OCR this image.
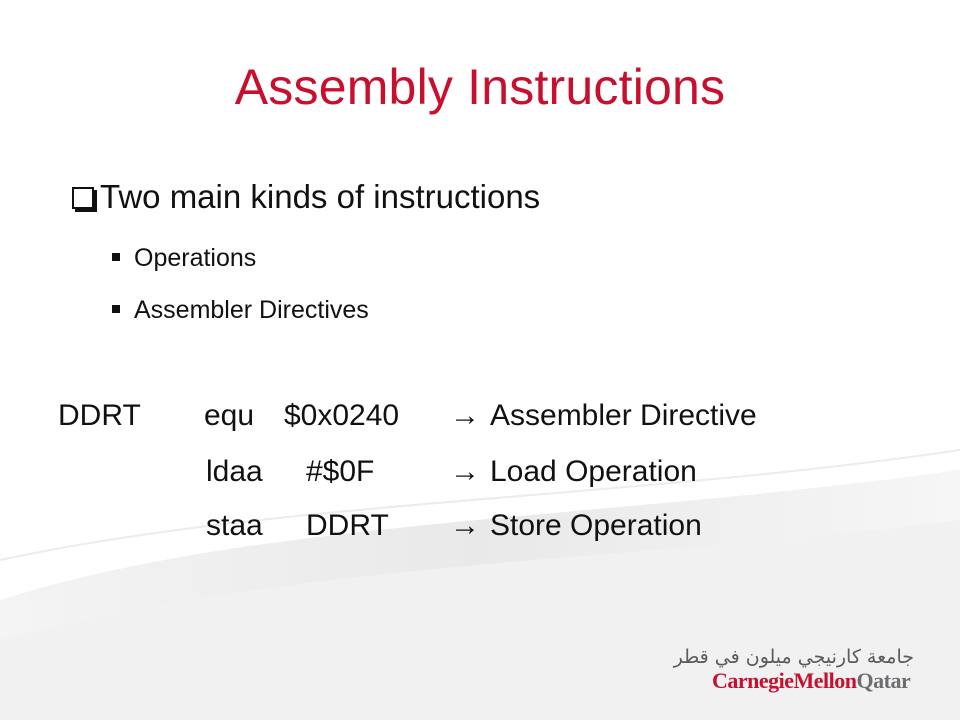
Assembly Instructions
Two main kinds of instructions
Operations
Assembler Directives
DDRT equ $0x0240 → Assembler Directive
ldaa #$0F	→ Load Operation
staa DDRT → Store Operation
جامعة كارنيجي ميلون في قطر
CarnegieMellonQatar
